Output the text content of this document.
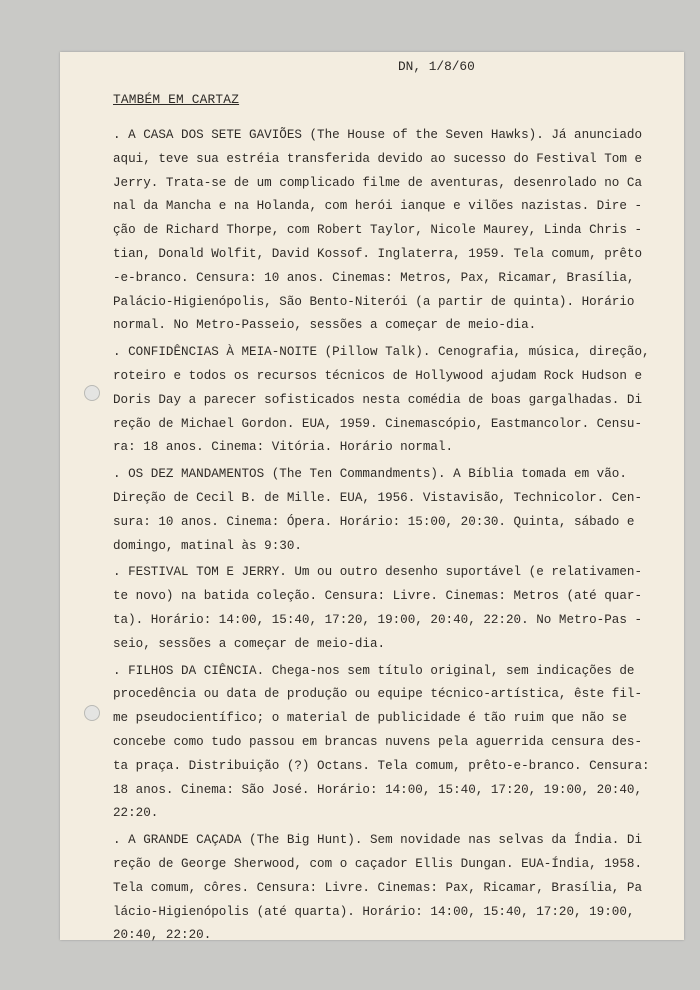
DN, 1/8/60
TAMBÉM EM CARTAZ
. A CASA DOS SETE GAVIÕES (The House of the Seven Hawks). Já anunciado
aqui, teve sua estréia transferida devido ao sucesso do Festival Tom e
Jerry. Trata-se de um complicado filme de aventuras, desenrolado no Ca
nal da Mancha e na Holanda, com herói ianque e vilões nazistas. Dire -
ção de Richard Thorpe, com Robert Taylor, Nicole Maurey, Linda Chris -
tian, Donald Wolfit, David Kossof. Inglaterra, 1959. Tela comum, prêto
-e-branco. Censura: 10 anos. Cinemas: Metros, Pax, Ricamar, Brasília,
Palácio-Higienópolis, São Bento-Niterói (a partir de quinta). Horário
normal. No Metro-Passeio, sessões a começar de meio-dia.
. CONFIDÊNCIAS À MEIA-NOITE (Pillow Talk). Cenografia, música, direção,
roteiro e todos os recursos técnicos de Hollywood ajudam Rock Hudson e
Doris Day a parecer sofisticados nesta comédia de boas gargalhadas. Di
reção de Michael Gordon. EUA, 1959. Cinemascópio, Eastmancolor. Censu-
ra: 18 anos. Cinema: Vitória. Horário normal.
. OS DEZ MANDAMENTOS (The Ten Commandments). A Bíblia tomada em vão.
Direção de Cecil B. de Mille. EUA, 1956. Vistavisão, Technicolor. Cen-
sura: 10 anos. Cinema: Ópera. Horário: 15:00, 20:30. Quinta, sábado e
domingo, matinal às 9:30.
. FESTIVAL TOM E JERRY. Um ou outro desenho suportável (e relativamen-
te novo) na batida coleção. Censura: Livre. Cinemas: Metros (até quar-
ta). Horário: 14:00, 15:40, 17:20, 19:00, 20:40, 22:20. No Metro-Pas -
seio, sessões a começar de meio-dia.
. FILHOS DA CIÊNCIA. Chega-nos sem título original, sem indicações de
procedência ou data de produção ou equipe técnico-artística, êste fil-
me pseudocientífico; o material de publicidade é tão ruim que não se
concebe como tudo passou em brancas nuvens pela aguerrida censura des-
ta praça. Distribuição (?) Octans. Tela comum, prêto-e-branco. Censura:
18 anos. Cinema: São José. Horário: 14:00, 15:40, 17:20, 19:00, 20:40,
22:20.
. A GRANDE CAÇADA (The Big Hunt). Sem novidade nas selvas da Índia. Di
reção de George Sherwood, com o caçador Ellis Dungan. EUA-Índia, 1958.
Tela comum, côres. Censura: Livre. Cinemas: Pax, Ricamar, Brasília, Pa
lácio-Higienópolis (até quarta). Horário: 14:00, 15:40, 17:20, 19:00,
20:40, 22:20.
